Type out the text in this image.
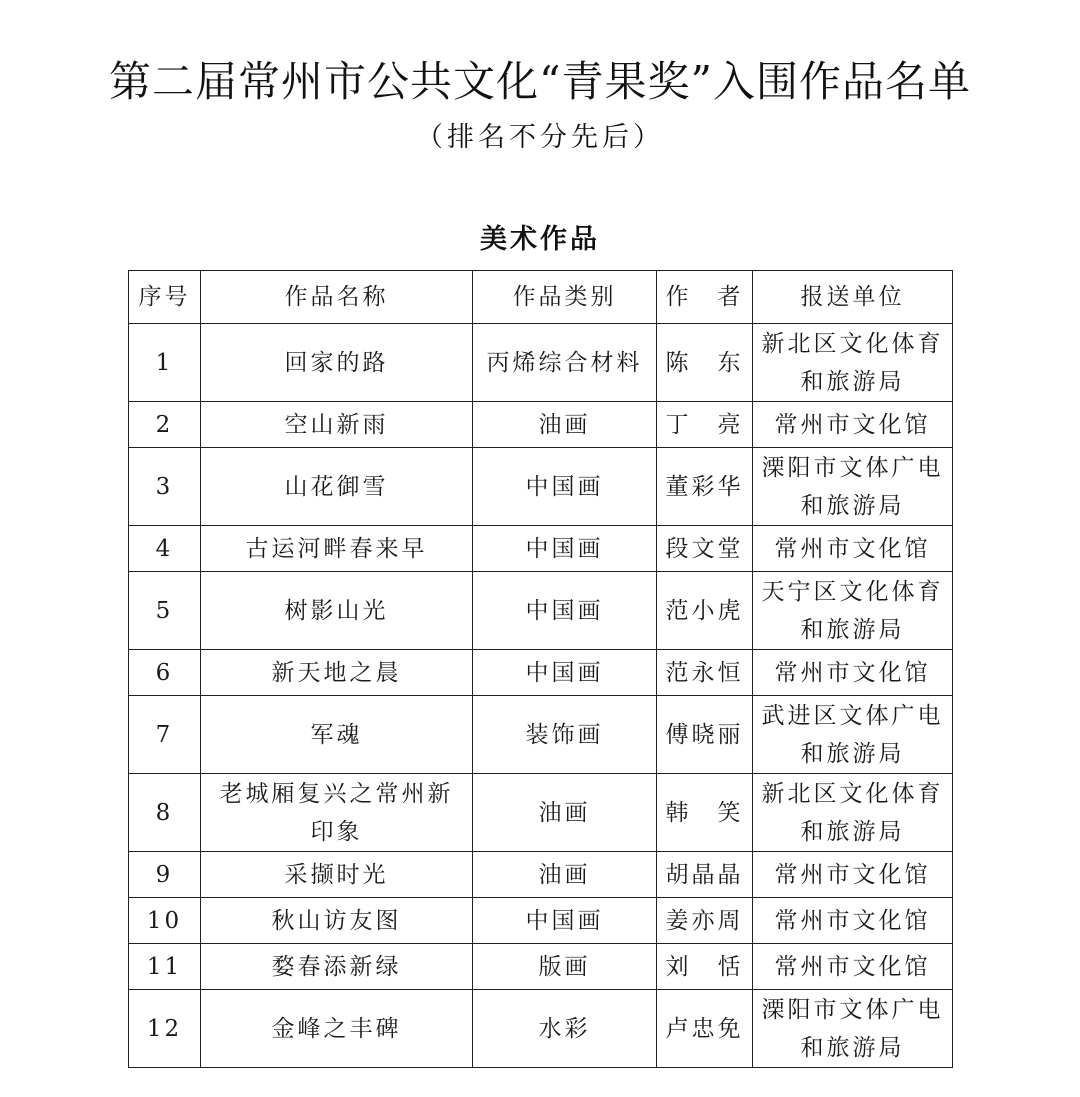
第二届常州市公共文化“青果奖”入围作品名单
（排名不分先后）
美术作品
序号	作品名称	作品类别	作　者	报送单位
1	回家的路	丙烯综合材料	陈　东	新北区文化体育和旅游局
2	空山新雨	油画	丁　亮	常州市文化馆
3	山花御雪	中国画	董彩华	溧阳市文体广电和旅游局
4	古运河畔春来早	中国画	段文堂	常州市文化馆
5	树影山光	中国画	范小虎	天宁区文化体育和旅游局
6	新天地之晨	中国画	范永恒	常州市文化馆
7	军魂	装饰画	傅晓丽	武进区文体广电和旅游局
8	老城厢复兴之常州新印象	油画	韩　笑	新北区文化体育和旅游局
9	采撷时光	油画	胡晶晶	常州市文化馆
10	秋山访友图	中国画	姜亦周	常州市文化馆
11	婺春添新绿	版画	刘　恬	常州市文化馆
12	金峰之丰碑	水彩	卢忠免	溧阳市文体广电和旅游局
